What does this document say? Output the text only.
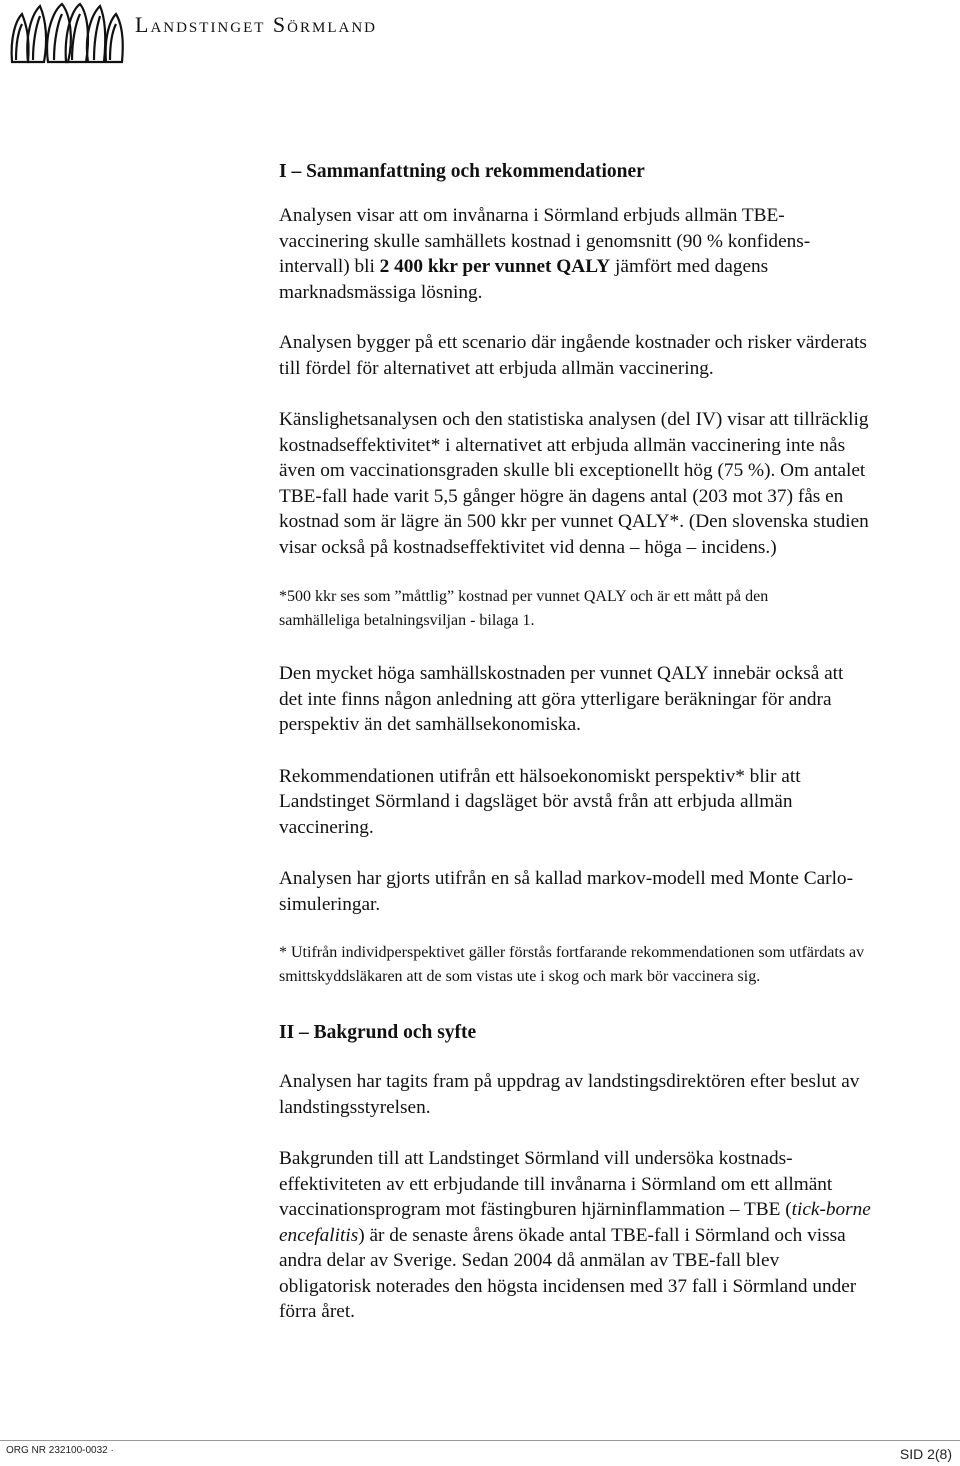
Landstinget Sörmland
I – Sammanfattning och rekommendationer

Analysen visar att om invånarna i Sörmland erbjuds allmän TBE-
vaccinering skulle samhällets kostnad i genomsnitt (90 % konfidens-
intervall) bli 2 400 kkr per vunnet QALY jämfört med dagens
marknadsmässiga lösning.

Analysen bygger på ett scenario där ingående kostnader och risker värderats
till fördel för alternativet att erbjuda allmän vaccinering.

Känslighetsanalysen och den statistiska analysen (del IV) visar att tillräcklig
kostnadseffektivitet* i alternativet att erbjuda allmän vaccinering inte nås
även om vaccinationsgraden skulle bli exceptionellt hög (75 %). Om antalet
TBE-fall hade varit 5,5 gånger högre än dagens antal (203 mot 37) fås en
kostnad som är lägre än 500 kkr per vunnet QALY*. (Den slovenska studien
visar också på kostnadseffektivitet vid denna – höga – incidens.)

*500 kkr ses som ”måttlig” kostnad per vunnet QALY och är ett mått på den
samhälleliga betalningsviljan - bilaga 1.

Den mycket höga samhällskostnaden per vunnet QALY innebär också att
det inte finns någon anledning att göra ytterligare beräkningar för andra
perspektiv än det samhällsekonomiska.

Rekommendationen utifrån ett hälsoekonomiskt perspektiv* blir att
Landstinget Sörmland i dagsläget bör avstå från att erbjuda allmän
vaccinering.

Analysen har gjorts utifrån en så kallad markov-modell med Monte Carlo-
simuleringar.

* Utifrån individperspektivet gäller förstås fortfarande rekommendationen som utfärdats av
smittskyddsläkaren att de som vistas ute i skog och mark bör vaccinera sig.

II – Bakgrund och syfte

Analysen har tagits fram på uppdrag av landstingsdirektören efter beslut av
landstingsstyrelsen.

Bakgrunden till att Landstinget Sörmland vill undersöka kostnads-
effektiviteten av ett erbjudande till invånarna i Sörmland om ett allmänt
vaccinationsprogram mot fästingburen hjärninflammation – TBE (tick-borne
encefalitis) är de senaste årens ökade antal TBE-fall i Sörmland och vissa
andra delar av Sverige. Sedan 2004 då anmälan av TBE-fall blev
obligatorisk noterades den högsta incidensen med 37 fall i Sörmland under
förra året.

ORG NR 232100-0032 ·	SID 2(8)
